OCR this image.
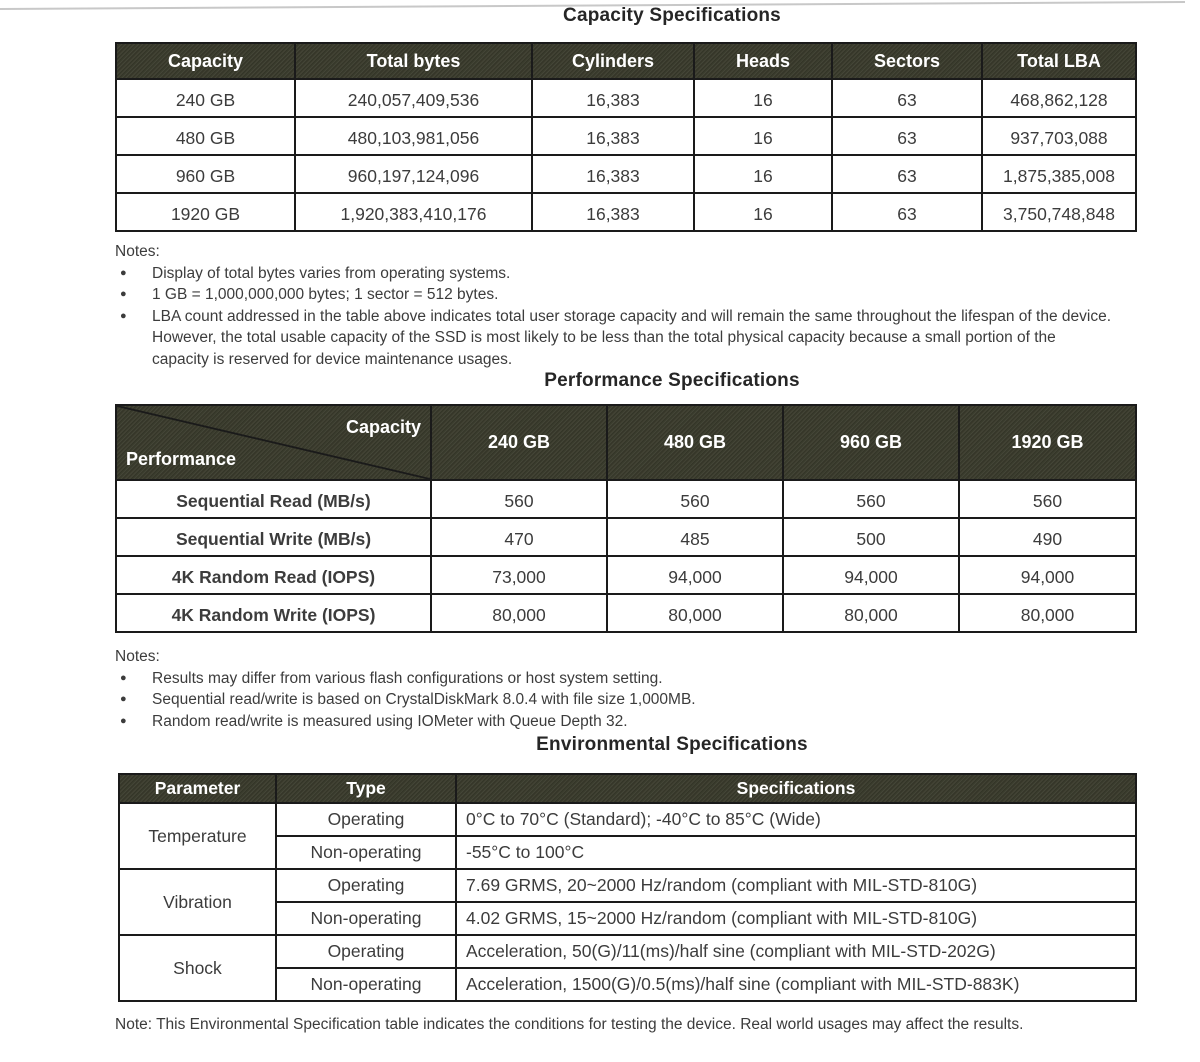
Capacity Specifications
Capacity	Total bytes	Cylinders	Heads	Sectors	Total LBA
240 GB	240,057,409,536	16,383	16	63	468,862,128
480 GB	480,103,981,056	16,383	16	63	937,703,088
960 GB	960,197,124,096	16,383	16	63	1,875,385,008
1920 GB	1,920,383,410,176	16,383	16	63	3,750,748,848
Notes:
●	Display of total bytes varies from operating systems.
●	1 GB = 1,000,000,000 bytes; 1 sector = 512 bytes.
●	LBA count addressed in the table above indicates total user storage capacity and will remain the same throughout the lifespan of the device. However, the total usable capacity of the SSD is most likely to be less than the total physical capacity because a small portion of the capacity is reserved for device maintenance usages.
Performance Specifications
Capacity
Performance	240 GB	480 GB	960 GB	1920 GB
Sequential Read (MB/s)	560	560	560	560
Sequential Write (MB/s)	470	485	500	490
4K Random Read (IOPS)	73,000	94,000	94,000	94,000
4K Random Write (IOPS)	80,000	80,000	80,000	80,000
Notes:
●	Results may differ from various flash configurations or host system setting.
●	Sequential read/write is based on CrystalDiskMark 8.0.4 with file size 1,000MB.
●	Random read/write is measured using IOMeter with Queue Depth 32.
Environmental Specifications
Parameter	Type	Specifications
Temperature	Operating	0°C to 70°C (Standard); -40°C to 85°C (Wide)
	Non-operating	-55°C to 100°C
Vibration	Operating	7.69 GRMS, 20~2000 Hz/random (compliant with MIL-STD-810G)
	Non-operating	4.02 GRMS, 15~2000 Hz/random (compliant with MIL-STD-810G)
Shock	Operating	Acceleration, 50(G)/11(ms)/half sine (compliant with MIL-STD-202G)
	Non-operating	Acceleration, 1500(G)/0.5(ms)/half sine (compliant with MIL-STD-883K)
Note: This Environmental Specification table indicates the conditions for testing the device. Real world usages may affect the results.
